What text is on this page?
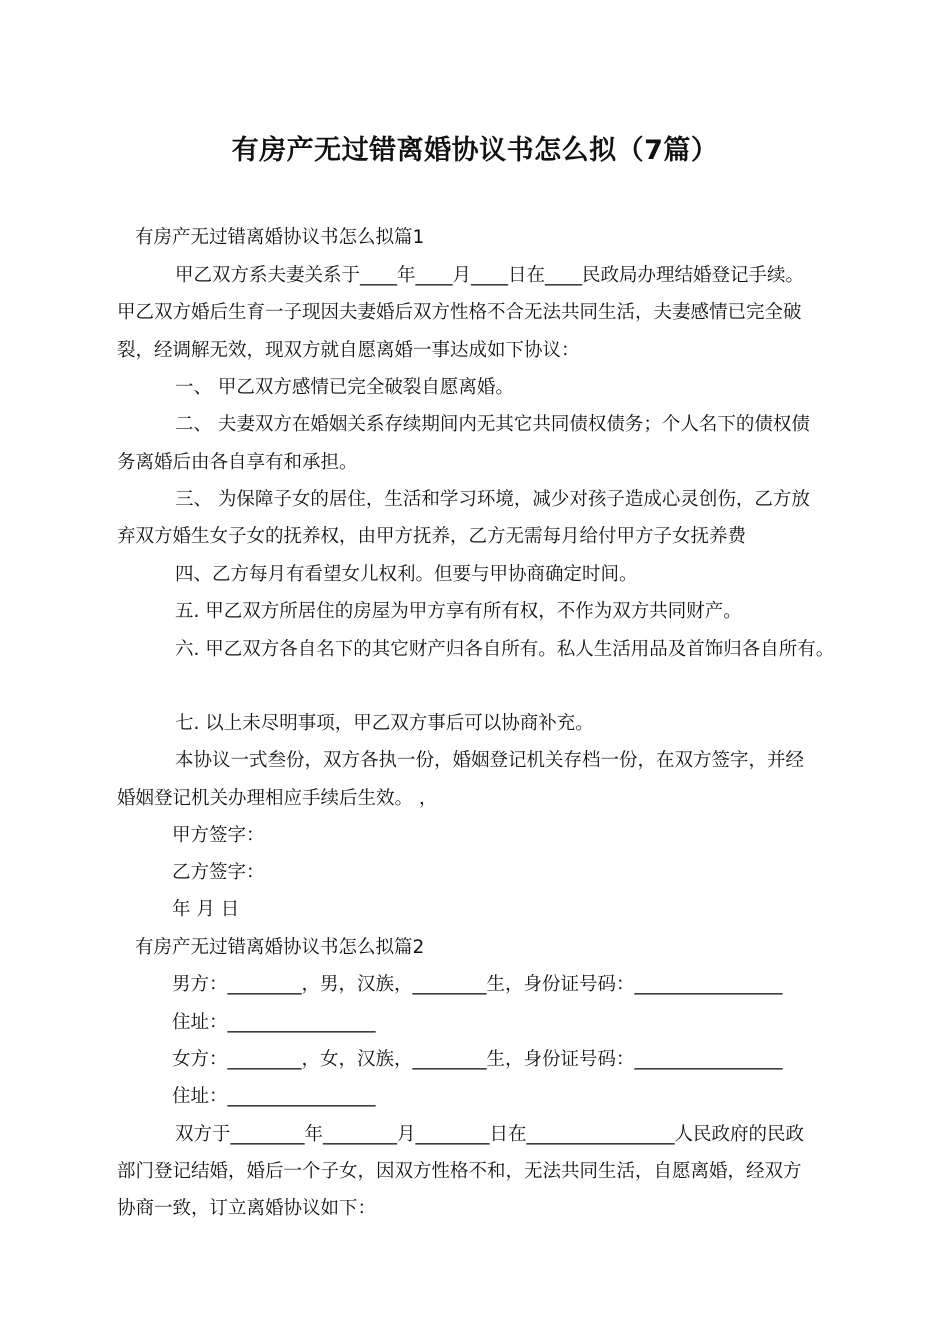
有房产无过错离婚协议书怎么拟（7篇）
有房产无过错离婚协议书怎么拟篇1
甲乙双方系夫妻关系于____年____月____日在____民政局办理结婚登记手续。
甲乙双方婚后生育一子现因夫妻婚后双方性格不合无法共同生活，夫妻感情已完全破
裂，经调解无效，现双方就自愿离婚一事达成如下协议：
一、 甲乙双方感情已完全破裂自愿离婚。
二、 夫妻双方在婚姻关系存续期间内无其它共同债权债务；个人名下的债权债
务离婚后由各自享有和承担。
三、 为保障子女的居住，生活和学习环境，减少对孩子造成心灵创伤，乙方放
弃双方婚生女子女的抚养权，由甲方抚养，乙方无需每月给付甲方子女抚养费
四、乙方每月有看望女儿权利。但要与甲协商确定时间。
五. 甲乙双方所居住的房屋为甲方享有所有权，不作为双方共同财产。
六. 甲乙双方各自名下的其它财产归各自所有。私人生活用品及首饰归各自所有。
七. 以上未尽明事项，甲乙双方事后可以协商补充。
本协议一式叁份，双方各执一份，婚姻登记机关存档一份，在双方签字，并经
婚姻登记机关办理相应手续后生效。 ，
甲方签字：
乙方签字：
年 月 日
有房产无过错离婚协议书怎么拟篇2
男方：________，男，汉族，________生，身份证号码：________________
住址：________________
女方：________，女，汉族，________生，身份证号码：________________
住址：________________
双方于________年________月________日在________________人民政府的民政
部门登记结婚，婚后一个子女，因双方性格不和，无法共同生活，自愿离婚，经双方
协商一致，订立离婚协议如下：
